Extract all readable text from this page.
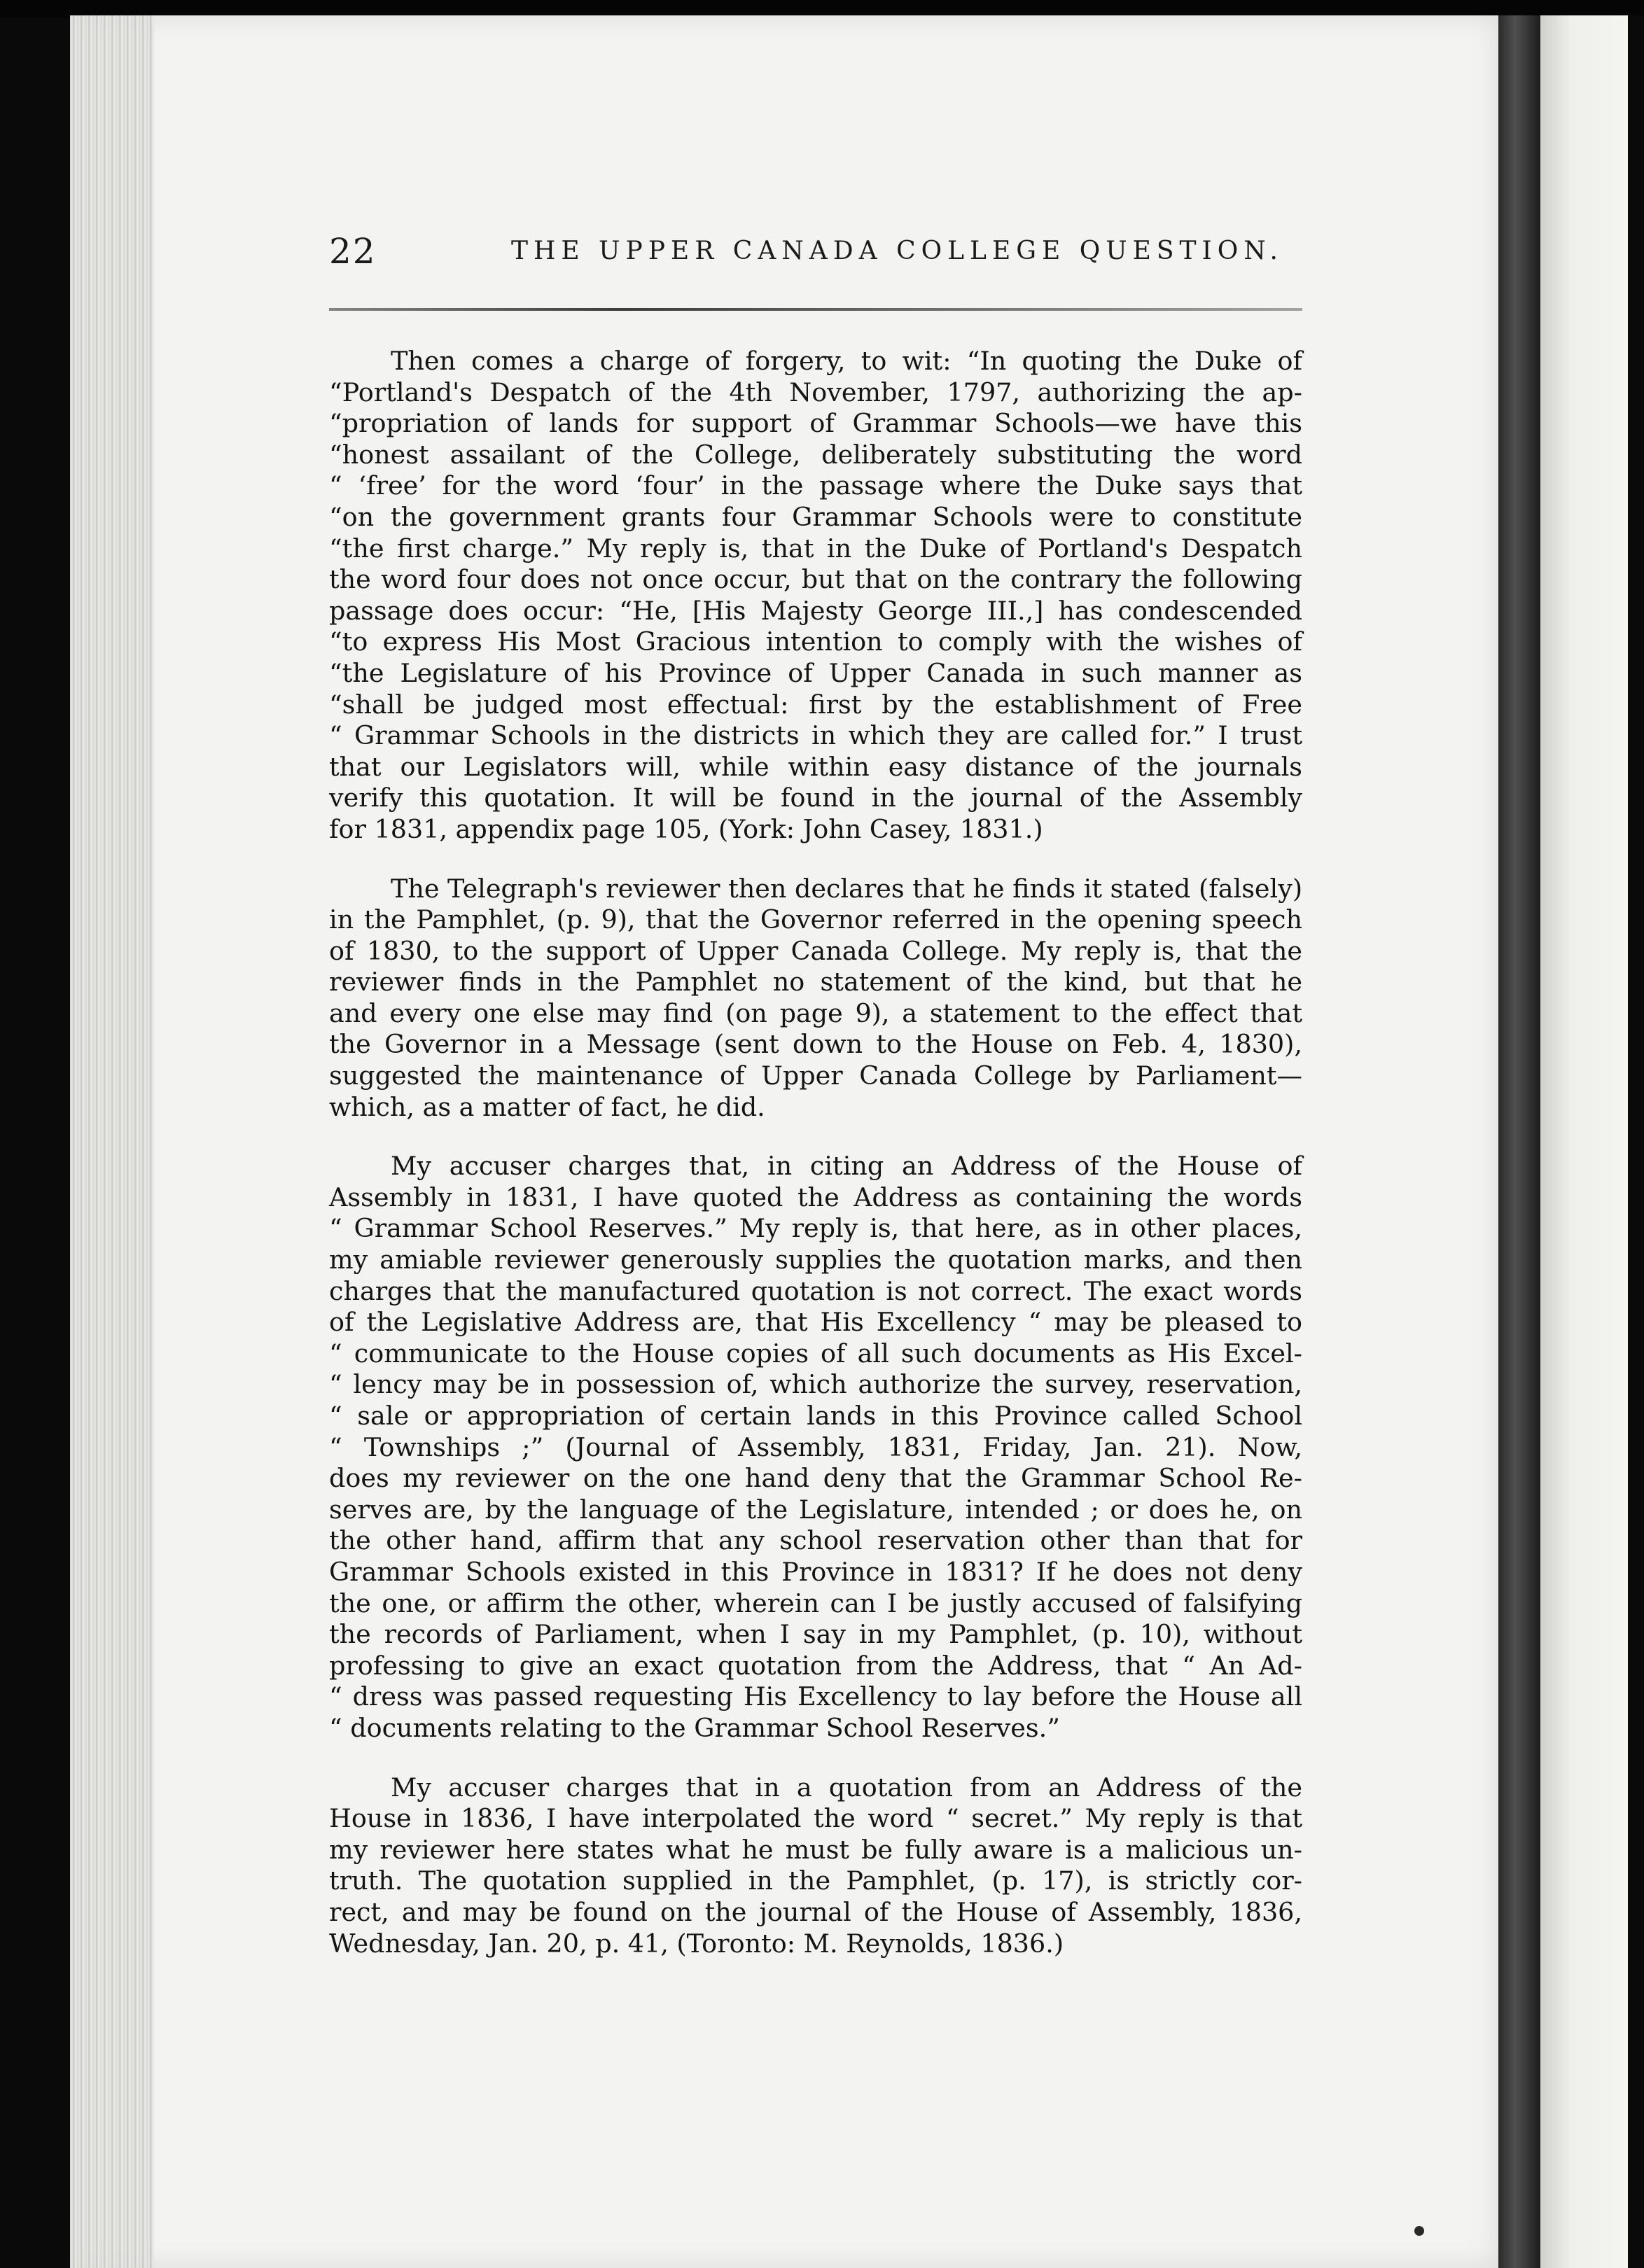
22	THE UPPER CANADA COLLEGE QUESTION.
Then comes a charge of forgery, to wit: “In quoting the Duke of
“Portland's Despatch of the 4th November, 1797, authorizing the ap-
“propriation of lands for support of Grammar Schools—we have this
“honest assailant of the College, deliberately substituting the word
“ ‘free’ for the word ‘four’ in the passage where the Duke says that
“on the government grants four Grammar Schools were to constitute
“the first charge.” My reply is, that in the Duke of Portland's Despatch
the word four does not once occur, but that on the contrary the following
passage does occur: “He, [His Majesty George III.,] has condescended
“to express His Most Gracious intention to comply with the wishes of
“the Legislature of his Province of Upper Canada in such manner as
“shall be judged most effectual: first by the establishment of Free
“ Grammar Schools in the districts in which they are called for.” I trust
that our Legislators will, while within easy distance of the journals
verify this quotation. It will be found in the journal of the Assembly
for 1831, appendix page 105, (York: John Casey, 1831.)
The Telegraph's reviewer then declares that he finds it stated (falsely)
in the Pamphlet, (p. 9), that the Governor referred in the opening speech
of 1830, to the support of Upper Canada College. My reply is, that the
reviewer finds in the Pamphlet no statement of the kind, but that he
and every one else may find (on page 9), a statement to the effect that
the Governor in a Message (sent down to the House on Feb. 4, 1830),
suggested the maintenance of Upper Canada College by Parliament—
which, as a matter of fact, he did.
My accuser charges that, in citing an Address of the House of
Assembly in 1831, I have quoted the Address as containing the words
“ Grammar School Reserves.” My reply is, that here, as in other places,
my amiable reviewer generously supplies the quotation marks, and then
charges that the manufactured quotation is not correct. The exact words
of the Legislative Address are, that His Excellency “ may be pleased to
“ communicate to the House copies of all such documents as His Excel-
“ lency may be in possession of, which authorize the survey, reservation,
“ sale or appropriation of certain lands in this Province called School
“ Townships ;” (Journal of Assembly, 1831, Friday, Jan. 21). Now,
does my reviewer on the one hand deny that the Grammar School Re-
serves are, by the language of the Legislature, intended ; or does he, on
the other hand, affirm that any school reservation other than that for
Grammar Schools existed in this Province in 1831? If he does not deny
the one, or affirm the other, wherein can I be justly accused of falsifying
the records of Parliament, when I say in my Pamphlet, (p. 10), without
professing to give an exact quotation from the Address, that “ An Ad-
“ dress was passed requesting His Excellency to lay before the House all
“ documents relating to the Grammar School Reserves.”
My accuser charges that in a quotation from an Address of the
House in 1836, I have interpolated the word “ secret.” My reply is that
my reviewer here states what he must be fully aware is a malicious un-
truth. The quotation supplied in the Pamphlet, (p. 17), is strictly cor-
rect, and may be found on the journal of the House of Assembly, 1836,
Wednesday, Jan. 20, p. 41, (Toronto: M. Reynolds, 1836.)
